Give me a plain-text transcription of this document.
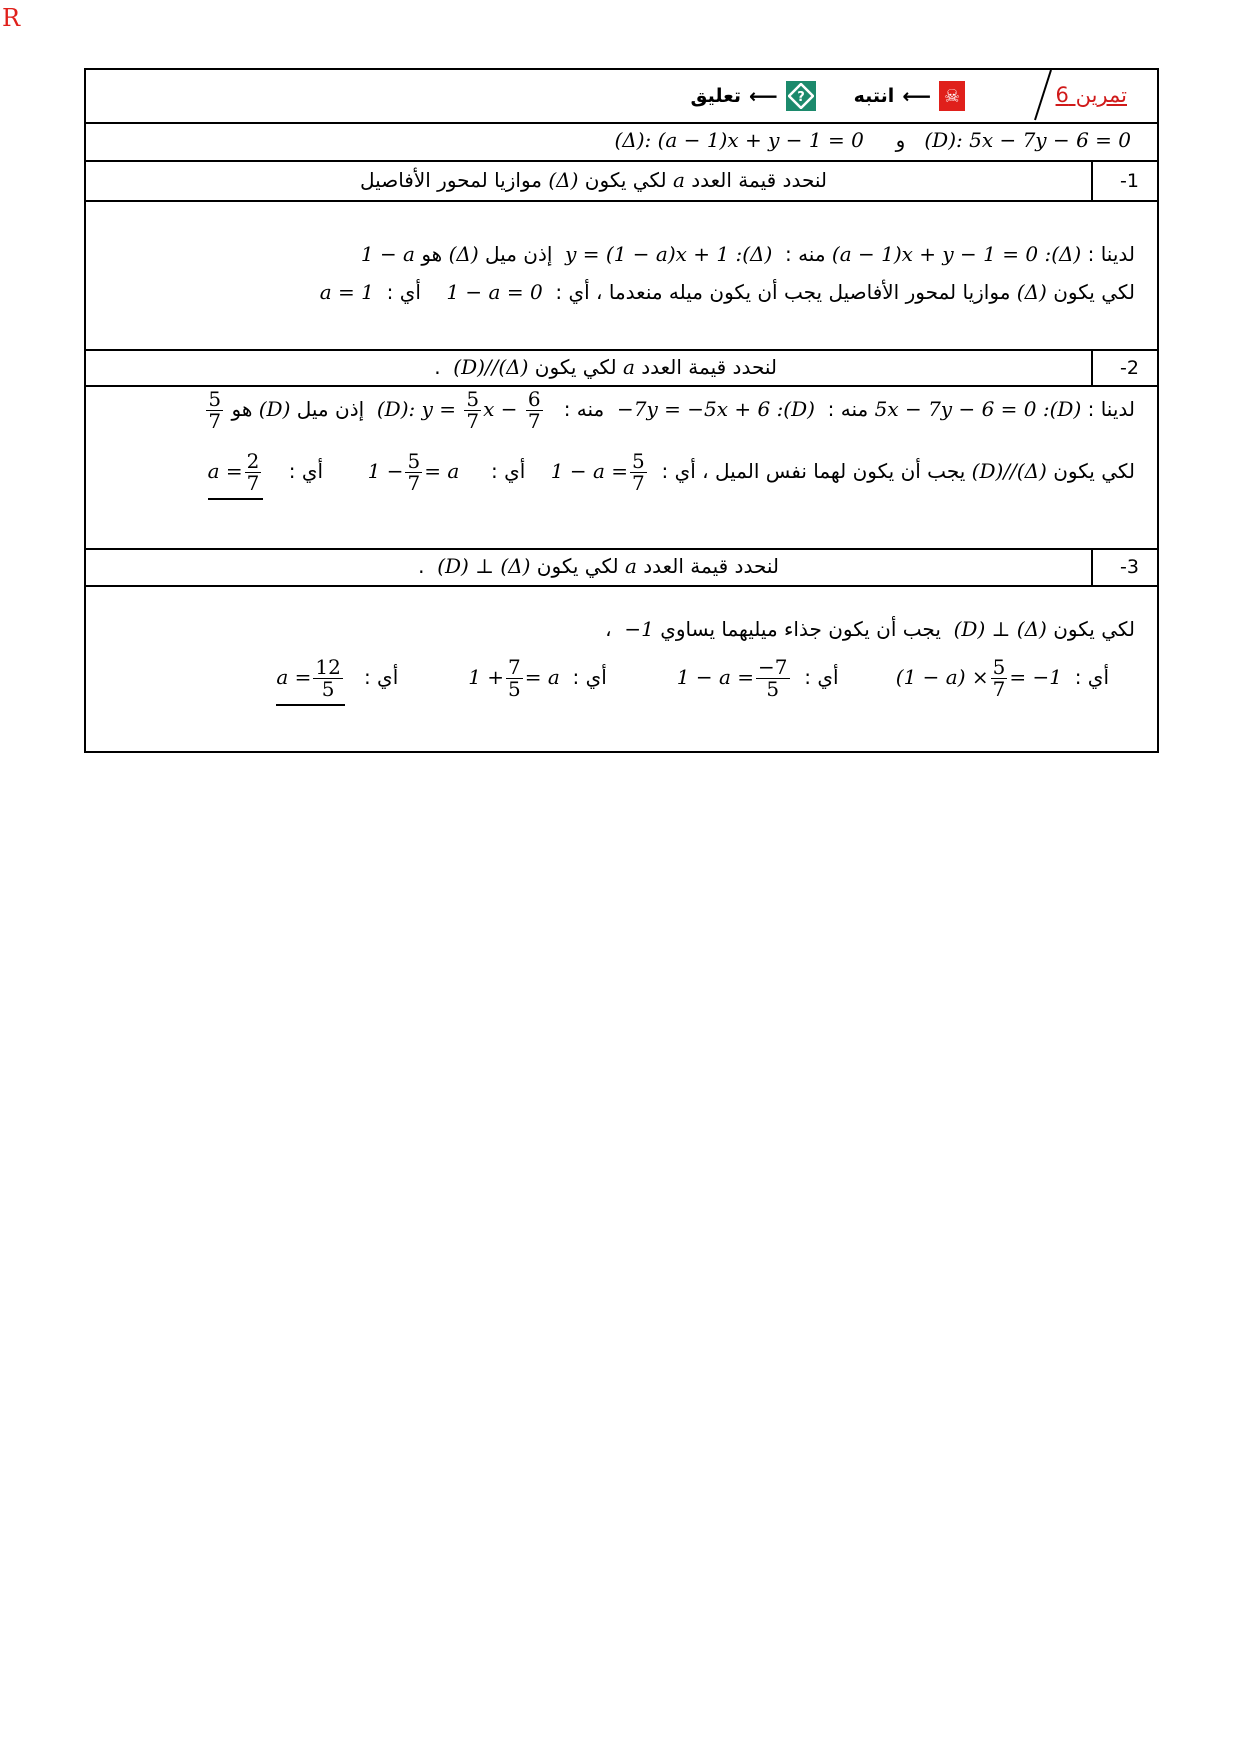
R
تمرين 6
☠
⟵
انتبه
?
⟵
تعليق
(D): 5x − 7y − 6 = 0   و     (Δ): (a − 1)x + y − 1 = 0
-1
لنحدد قيمة العدد a لكي يكون (Δ) موازيا لمحور الأفاصيل
لدينا : (a − 1)x + y − 1 = 0 :(Δ) منه :  y = (1 − a)x + 1 :(Δ)  إذن ميل (Δ) هو 1 − a
لكي يكون (Δ) موازيا لمحور الأفاصيل يجب أن يكون ميله منعدما ، أي :  1 − a = 0    أي :  a = 1
-2
لنحدد قيمة العدد a لكي يكون (D)//(Δ)  .
لدينا : 5x − 7y − 6 = 0 :(D) منه :  −7y = −5x + 6 :(D)  منه :  (D): $y = \frac{5}{7}$ $x - \frac{6}{7}$
إذن ميل (D) هو
$\frac{5}{7}$
لكي يكون (D)//(Δ) يجب أن يكون لهما نفس الميل ، أي :  $1 - a = \frac{5}{7}$
أي :     $1 - \frac{5}{7} = a$       أي :    $a = \frac{2}{7}$
-3
لنحدد قيمة العدد a لكي يكون (D) ⊥ (Δ)  .
لكي يكون (D) ⊥ (Δ)  يجب أن يكون جذاء ميليهما يساوي −1  ،
أي :  $(1 - a) \times \frac{5}{7} = -1$         أي :  $1 - a = \frac{-7}{5}$
أي :  $1 + \frac{7}{5} = a$           أي :   $a = \frac{12}{5}$
